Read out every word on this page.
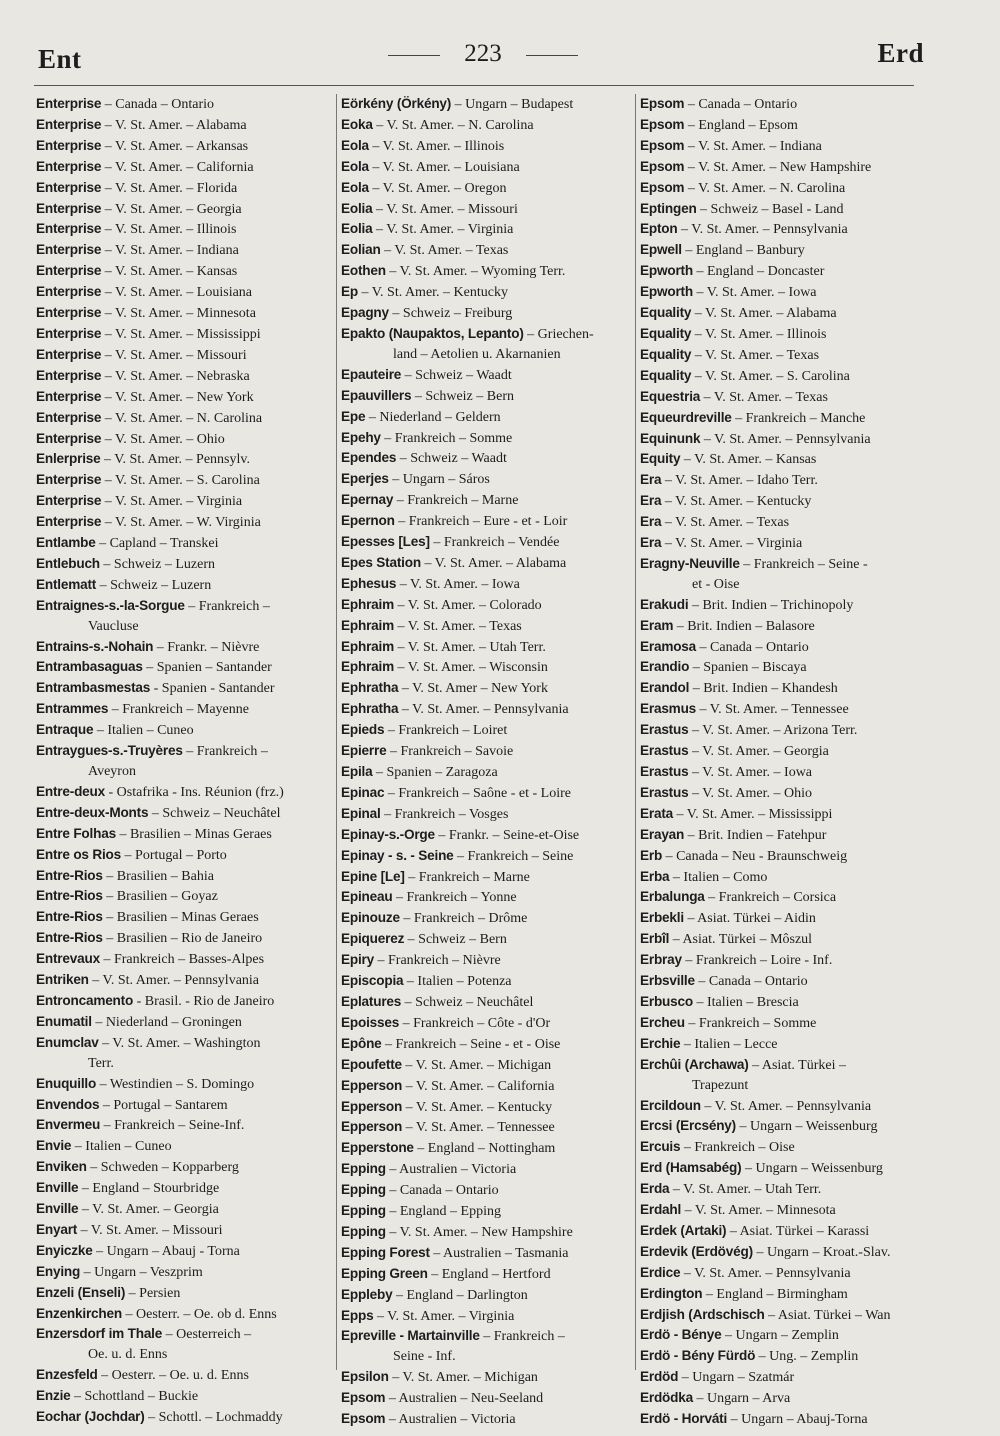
Ent	223	Erd
Enterprise – Canada – Ontario
Enterprise – V. St. Amer. – Alabama
Enterprise – V. St. Amer. – Arkansas
Enterprise – V. St. Amer. – California
Enterprise – V. St. Amer. – Florida
Enterprise – V. St. Amer. – Georgia
Enterprise – V. St. Amer. – Illinois
Enterprise – V. St. Amer. – Indiana
Enterprise – V. St. Amer. – Kansas
Enterprise – V. St. Amer. – Louisiana
Enterprise – V. St. Amer. – Minnesota
Enterprise – V. St. Amer. – Mississippi
Enterprise – V. St. Amer. – Missouri
Enterprise – V. St. Amer. – Nebraska
Enterprise – V. St. Amer. – New York
Enterprise – V. St. Amer. – N. Carolina
Enterprise – V. St. Amer. – Ohio
Enlerprise – V. St. Amer. – Pennsylv.
Enterprise – V. St. Amer. – S. Carolina
Enterprise – V. St. Amer. – Virginia
Enterprise – V. St. Amer. – W. Virginia
Entlambe – Capland – Transkei
Entlebuch – Schweiz – Luzern
Entlematt – Schweiz – Luzern
Entraignes-s.-la-Sorgue – Frankreich –
Vaucluse
Entrains-s.-Nohain – Frankr. – Nièvre
Entrambasaguas – Spanien – Santander
Entrambasmestas - Spanien - Santander
Entrammes – Frankreich – Mayenne
Entraque – Italien – Cuneo
Entraygues-s.-Truyères – Frankreich –
Aveyron
Entre-deux - Ostafrika - Ins. Réunion (frz.)
Entre-deux-Monts – Schweiz – Neuchâtel
Entre Folhas – Brasilien – Minas Geraes
Entre os Rios – Portugal – Porto
Entre-Rios – Brasilien – Bahia
Entre-Rios – Brasilien – Goyaz
Entre-Rios – Brasilien – Minas Geraes
Entre-Rios – Brasilien – Rio de Janeiro
Entrevaux – Frankreich – Basses-Alpes
Entriken – V. St. Amer. – Pennsylvania
Entroncamento - Brasil. - Rio de Janeiro
Enumatil – Niederland – Groningen
Enumclav – V. St. Amer. – Washington
Terr.
Enuquillo – Westindien – S. Domingo
Envendos – Portugal – Santarem
Envermeu – Frankreich – Seine-Inf.
Envie – Italien – Cuneo
Enviken – Schweden – Kopparberg
Enville – England – Stourbridge
Enville – V. St. Amer. – Georgia
Enyart – V. St. Amer. – Missouri
Enyiczke – Ungarn – Abauj - Torna
Enying – Ungarn – Veszprim
Enzeli (Enseli) – Persien
Enzenkirchen – Oesterr. – Oe. ob d. Enns
Enzersdorf im Thale – Oesterreich –
Oe. u. d. Enns
Enzesfeld – Oesterr. – Oe. u. d. Enns
Enzie – Schottland – Buckie
Eochar (Jochdar) – Schottl. – Lochmaddy
Eörkény (Örkény) – Ungarn – Budapest
Eoka – V. St. Amer. – N. Carolina
Eola – V. St. Amer. – Illinois
Eola – V. St. Amer. – Louisiana
Eola – V. St. Amer. – Oregon
Eolia – V. St. Amer. – Missouri
Eolia – V. St. Amer. – Virginia
Eolian – V. St. Amer. – Texas
Eothen – V. St. Amer. – Wyoming Terr.
Ep – V. St. Amer. – Kentucky
Epagny – Schweiz – Freiburg
Epakto (Naupaktos, Lepanto) – Griechen-
land – Aetolien u. Akarnanien
Epauteire – Schweiz – Waadt
Epauvillers – Schweiz – Bern
Epe – Niederland – Geldern
Epehy – Frankreich – Somme
Ependes – Schweiz – Waadt
Eperjes – Ungarn – Sáros
Epernay – Frankreich – Marne
Epernon – Frankreich – Eure - et - Loir
Epesses [Les] – Frankreich – Vendée
Epes Station – V. St. Amer. – Alabama
Ephesus – V. St. Amer. – Iowa
Ephraim – V. St. Amer. – Colorado
Ephraim – V. St. Amer. – Texas
Ephraim – V. St. Amer. – Utah Terr.
Ephraim – V. St. Amer. – Wisconsin
Ephratha – V. St. Amer – New York
Ephratha – V. St. Amer. – Pennsylvania
Epieds – Frankreich – Loiret
Epierre – Frankreich – Savoie
Epila – Spanien – Zaragoza
Epinac – Frankreich – Saône - et - Loire
Epinal – Frankreich – Vosges
Epinay-s.-Orge – Frankr. – Seine-et-Oise
Epinay - s. - Seine – Frankreich – Seine
Epine [Le] – Frankreich – Marne
Epineau – Frankreich – Yonne
Epinouze – Frankreich – Drôme
Epiquerez – Schweiz – Bern
Epiry – Frankreich – Nièvre
Episcopia – Italien – Potenza
Eplatures – Schweiz – Neuchâtel
Epoisses – Frankreich – Côte - d'Or
Epône – Frankreich – Seine - et - Oise
Epoufette – V. St. Amer. – Michigan
Epperson – V. St. Amer. – California
Epperson – V. St. Amer. – Kentucky
Epperson – V. St. Amer. – Tennessee
Epperstone – England – Nottingham
Epping – Australien – Victoria
Epping – Canada – Ontario
Epping – England – Epping
Epping – V. St. Amer. – New Hampshire
Epping Forest – Australien – Tasmania
Epping Green – England – Hertford
Eppleby – England – Darlington
Epps – V. St. Amer. – Virginia
Epreville - Martainville – Frankreich –
Seine - Inf.
Epsilon – V. St. Amer. – Michigan
Epsom – Australien – Neu-Seeland
Epsom – Australien – Victoria
Epsom – Canada – Ontario
Epsom – England – Epsom
Epsom – V. St. Amer. – Indiana
Epsom – V. St. Amer. – New Hampshire
Epsom – V. St. Amer. – N. Carolina
Eptingen – Schweiz – Basel - Land
Epton – V. St. Amer. – Pennsylvania
Epwell – England – Banbury
Epworth – England – Doncaster
Epworth – V. St. Amer. – Iowa
Equality – V. St. Amer. – Alabama
Equality – V. St. Amer. – Illinois
Equality – V. St. Amer. – Texas
Equality – V. St. Amer. – S. Carolina
Equestria – V. St. Amer. – Texas
Equeurdreville – Frankreich – Manche
Equinunk – V. St. Amer. – Pennsylvania
Equity – V. St. Amer. – Kansas
Era – V. St. Amer. – Idaho Terr.
Era – V. St. Amer. – Kentucky
Era – V. St. Amer. – Texas
Era – V. St. Amer. – Virginia
Eragny-Neuville – Frankreich – Seine -
et - Oise
Erakudi – Brit. Indien – Trichinopoly
Eram – Brit. Indien – Balasore
Eramosa – Canada – Ontario
Erandio – Spanien – Biscaya
Erandol – Brit. Indien – Khandesh
Erasmus – V. St. Amer. – Tennessee
Erastus – V. St. Amer. – Arizona Terr.
Erastus – V. St. Amer. – Georgia
Erastus – V. St. Amer. – Iowa
Erastus – V. St. Amer. – Ohio
Erata – V. St. Amer. – Mississippi
Erayan – Brit. Indien – Fatehpur
Erb – Canada – Neu - Braunschweig
Erba – Italien – Como
Erbalunga – Frankreich – Corsica
Erbekli – Asiat. Türkei – Aidin
Erbîl – Asiat. Türkei – Môszul
Erbray – Frankreich – Loire - Inf.
Erbsville – Canada – Ontario
Erbusco – Italien – Brescia
Ercheu – Frankreich – Somme
Erchie – Italien – Lecce
Erchûi (Archawa) – Asiat. Türkei –
Trapezunt
Ercildoun – V. St. Amer. – Pennsylvania
Ercsi (Ercsény) – Ungarn – Weissenburg
Ercuis – Frankreich – Oise
Erd (Hamsabég) – Ungarn – Weissenburg
Erda – V. St. Amer. – Utah Terr.
Erdahl – V. St. Amer. – Minnesota
Erdek (Artaki) – Asiat. Türkei – Karassi
Erdevik (Erdövég) – Ungarn – Kroat.-Slav.
Erdice – V. St. Amer. – Pennsylvania
Erdington – England – Birmingham
Erdjish (Ardschisch – Asiat. Türkei – Wan
Erdö - Bénye – Ungarn – Zemplin
Erdö - Bény Fürdö – Ung. – Zemplin
Erdöd – Ungarn – Szatmár
Erdödka – Ungarn – Arva
Erdö - Horváti – Ungarn – Abauj-Torna
